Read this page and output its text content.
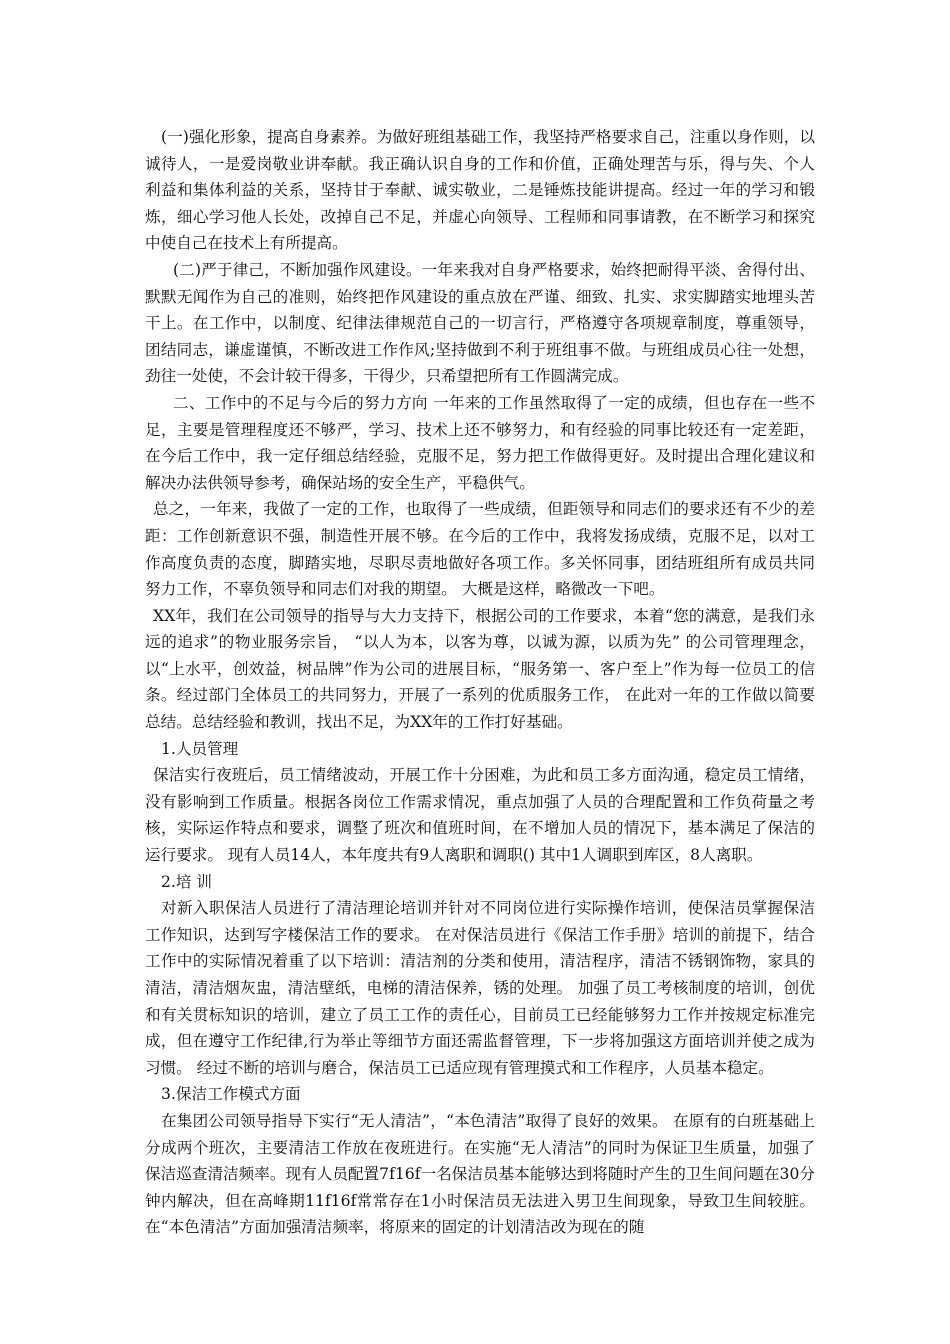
(一)强化形象，提高自身素养。为做好班组基础工作，我坚持严格要求自己，注重以身作则，以诚待人，一是爱岗敬业讲奉献。我正确认识自身的工作和价值，正确处理苦与乐，得与失、个人利益和集体利益的关系，坚持甘于奉献、诚实敬业，二是锤炼技能讲提高。经过一年的学习和锻炼，细心学习他人长处，改掉自己不足，并虚心向领导、工程师和同事请教，在不断学习和探究中使自己在技术上有所提高。

(二)严于律己，不断加强作风建设。一年来我对自身严格要求，始终把耐得平淡、舍得付出、默默无闻作为自己的准则，始终把作风建设的重点放在严谨、细致、扎实、求实脚踏实地埋头苦干上。在工作中，以制度、纪律法律规范自己的一切言行，严格遵守各项规章制度，尊重领导，团结同志，谦虚谨慎，不断改进工作作风;坚持做到不利于班组事不做。与班组成员心往一处想，劲往一处使，不会计较干得多，干得少，只希望把所有工作圆满完成。

二、工作中的不足与今后的努力方向 一年来的工作虽然取得了一定的成绩，但也存在一些不足，主要是管理程度还不够严，学习、技术上还不够努力，和有经验的同事比较还有一定差距，在今后工作中，我一定仔细总结经验，克服不足，努力把工作做得更好。及时提出合理化建议和解决办法供领导参考，确保站场的安全生产，平稳供气。

总之，一年来，我做了一定的工作，也取得了一些成绩，但距领导和同志们的要求还有不少的差距：工作创新意识不强，制造性开展不够。在今后的工作中，我将发扬成绩，克服不足，以对工作高度负责的态度，脚踏实地，尽职尽责地做好各项工作。多关怀同事，团结班组所有成员共同努力工作，不辜负领导和同志们对我的期望。 大概是这样，略微改一下吧。

XX年，我们在公司领导的指导与大力支持下，根据公司的工作要求，本着“您的满意，是我们永远的追求”的物业服务宗旨， “以人为本，以客为尊，以诚为源，以质为先” 的公司管理理念，以“上水平，创效益，树品牌”作为公司的进展目标，“服务第一、客户至上”作为每一位员工的信条。经过部门全体员工的共同努力，开展了一系列的优质服务工作， 在此对一年的工作做以简要总结。总结经验和教训，找出不足，为XX年的工作打好基础。

1.人员管理

保洁实行夜班后，员工情绪波动，开展工作十分困难，为此和员工多方面沟通，稳定员工情绪，没有影响到工作质量。根据各岗位工作需求情况，重点加强了人员的合理配置和工作负荷量之考核，实际运作特点和要求，调整了班次和值班时间，在不增加人员的情况下，基本满足了保洁的运行要求。 现有人员14人，本年度共有9人离职和调职() 其中1人调职到库区，8人离职。

2.培 训

对新入职保洁人员进行了清洁理论培训并针对不同岗位进行实际操作培训，使保洁员掌握保洁工作知识，达到写字楼保洁工作的要求。 在对保洁员进行《保洁工作手册》培训的前提下，结合工作中的实际情况着重了以下培训：清洁剂的分类和使用，清洁程序，清洁不锈钢饰物，家具的清洁，清洁烟灰盅，清洁壁纸，电梯的清洁保养，锈的处理。 加强了员工考核制度的培训，创优和有关贯标知识的培训，建立了员工工作的责任心，目前员工已经能够努力工作并按规定标准完成，但在遵守工作纪律,行为举止等细节方面还需监督管理，下一步将加强这方面培训并使之成为习惯。 经过不断的培训与磨合，保洁员工已适应现有管理摸式和工作程序，人员基本稳定。

3.保洁工作模式方面

在集团公司领导指导下实行“无人清洁”，“本色清洁”取得了良好的效果。 在原有的白班基础上分成两个班次，主要清洁工作放在夜班进行。在实施“无人清洁”的同时为保证卫生质量，加强了保洁巡查清洁频率。现有人员配置7f16f一名保洁员基本能够达到将随时产生的卫生间问题在30分钟内解决，但在高峰期11f16f常常存在1小时保洁员无法进入男卫生间现象，导致卫生间较脏。 在“本色清洁”方面加强清洁频率，将原来的固定的计划清洁改为现在的随
